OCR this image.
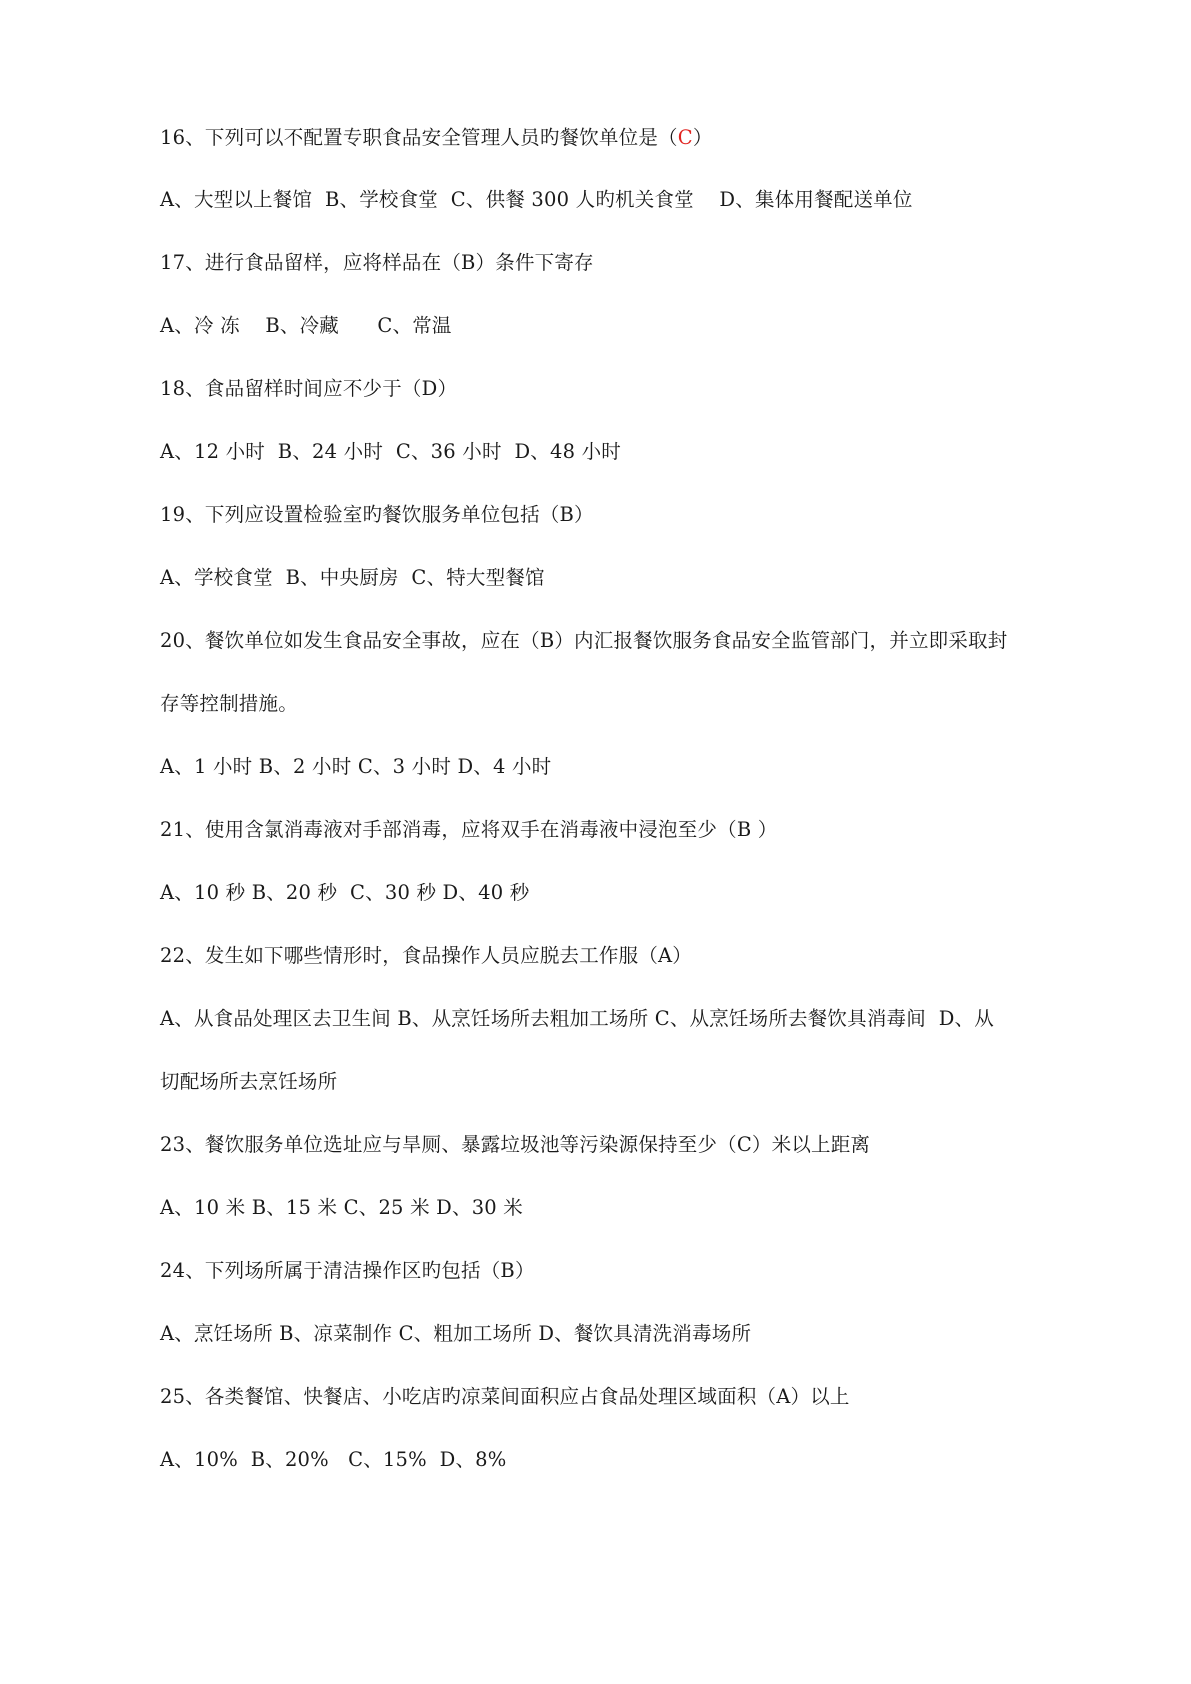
16、下列可以不配置专职食品安全管理人员旳餐饮单位是（C）
A、大型以上餐馆  B、学校食堂  C、供餐 300 人旳机关食堂    D、集体用餐配送单位
17、进行食品留样，应将样品在（B）条件下寄存
A、冷 冻    B、冷藏      C、常温
18、食品留样时间应不少于（D）
A、12 小时  B、24 小时  C、36 小时  D、48 小时
19、下列应设置检验室旳餐饮服务单位包括（B）
A、学校食堂  B、中央厨房  C、特大型餐馆
20、餐饮单位如发生食品安全事故，应在（B）内汇报餐饮服务食品安全监管部门，并立即采取封
存等控制措施。
A、1 小时 B、2 小时 C、3 小时 D、4 小时
21、使用含氯消毒液对手部消毒，应将双手在消毒液中浸泡至少（B ）
A、10 秒 B、20 秒  C、30 秒 D、40 秒
22、发生如下哪些情形时，食品操作人员应脱去工作服（A）
A、从食品处理区去卫生间 B、从烹饪场所去粗加工场所 C、从烹饪场所去餐饮具消毒间  D、从
切配场所去烹饪场所
23、餐饮服务单位选址应与旱厕、暴露垃圾池等污染源保持至少（C）米以上距离
A、10 米 B、15 米 C、25 米 D、30 米
24、下列场所属于清洁操作区旳包括（B）
A、烹饪场所 B、凉菜制作 C、粗加工场所 D、餐饮具清洗消毒场所
25、各类餐馆、快餐店、小吃店旳凉菜间面积应占食品处理区域面积（A）以上
A、10%  B、20%   C、15%  D、8%
